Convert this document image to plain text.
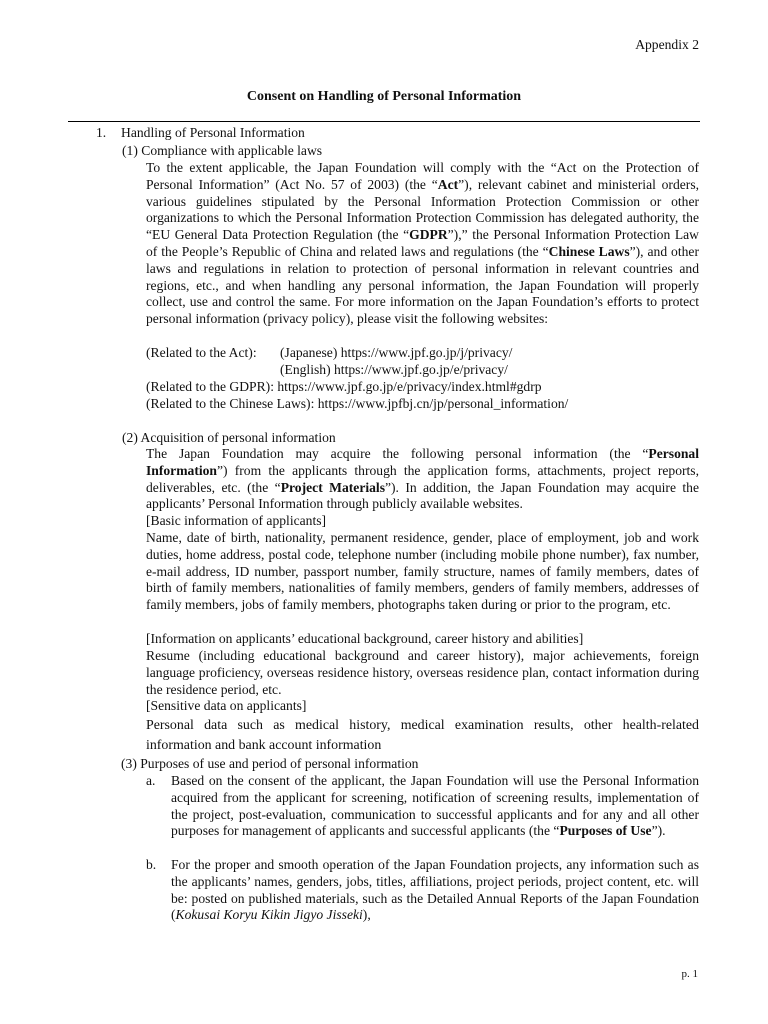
Appendix 2
Consent on Handling of Personal Information
1. Handling of Personal Information
(1) Compliance with applicable laws
To the extent applicable, the Japan Foundation will comply with the “Act on the Protection of Personal Information” (Act No. 57 of 2003) (the “Act”), relevant cabinet and ministerial orders, various guidelines stipulated by the Personal Information Protection Commission or other organizations to which the Personal Information Protection Commission has delegated authority, the “EU General Data Protection Regulation (the “GDPR”),” the Personal Information Protection Law of the People’s Republic of China and related laws and regulations (the “Chinese Laws”), and other laws and regulations in relation to protection of personal information in relevant countries and regions, etc., and when handling any personal information, the Japan Foundation will properly collect, use and control the same. For more information on the Japan Foundation’s efforts to protect personal information (privacy policy), please visit the following websites:
(Related to the Act): (Japanese) https://www.jpf.go.jp/j/privacy/
(English) https://www.jpf.go.jp/e/privacy/
(Related to the GDPR): https://www.jpf.go.jp/e/privacy/index.html#gdrp
(Related to the Chinese Laws): https://www.jpfbj.cn/jp/personal_information/
(2) Acquisition of personal information
The Japan Foundation may acquire the following personal information (the “Personal Information”) from the applicants through the application forms, attachments, project reports, deliverables, etc. (the “Project Materials”). In addition, the Japan Foundation may acquire the applicants’ Personal Information through publicly available websites.
[Basic information of applicants]
Name, date of birth, nationality, permanent residence, gender, place of employment, job and work duties, home address, postal code, telephone number (including mobile phone number), fax number, e-mail address, ID number, passport number, family structure, names of family members, dates of birth of family members, nationalities of family members, genders of family members, addresses of family members, jobs of family members, photographs taken during or prior to the program, etc.
[Information on applicants’ educational background, career history and abilities]
Resume (including educational background and career history), major achievements, foreign language proficiency, overseas residence history, overseas residence plan, contact information during the residence period, etc.
[Sensitive data on applicants]
Personal data such as medical history, medical examination results, other health-related information and bank account information
(3) Purposes of use and period of personal information
a. Based on the consent of the applicant, the Japan Foundation will use the Personal Information acquired from the applicant for screening, notification of screening results, implementation of the project, post-evaluation, communication to successful applicants and for any and all other purposes for management of applicants and successful applicants (the “Purposes of Use”).
b. For the proper and smooth operation of the Japan Foundation projects, any information such as the applicants’ names, genders, jobs, titles, affiliations, project periods, project content, etc. will be: posted on published materials, such as the Detailed Annual Reports of the Japan Foundation (Kokusai Koryu Kikin Jigyo Jisseki),
p. 1
